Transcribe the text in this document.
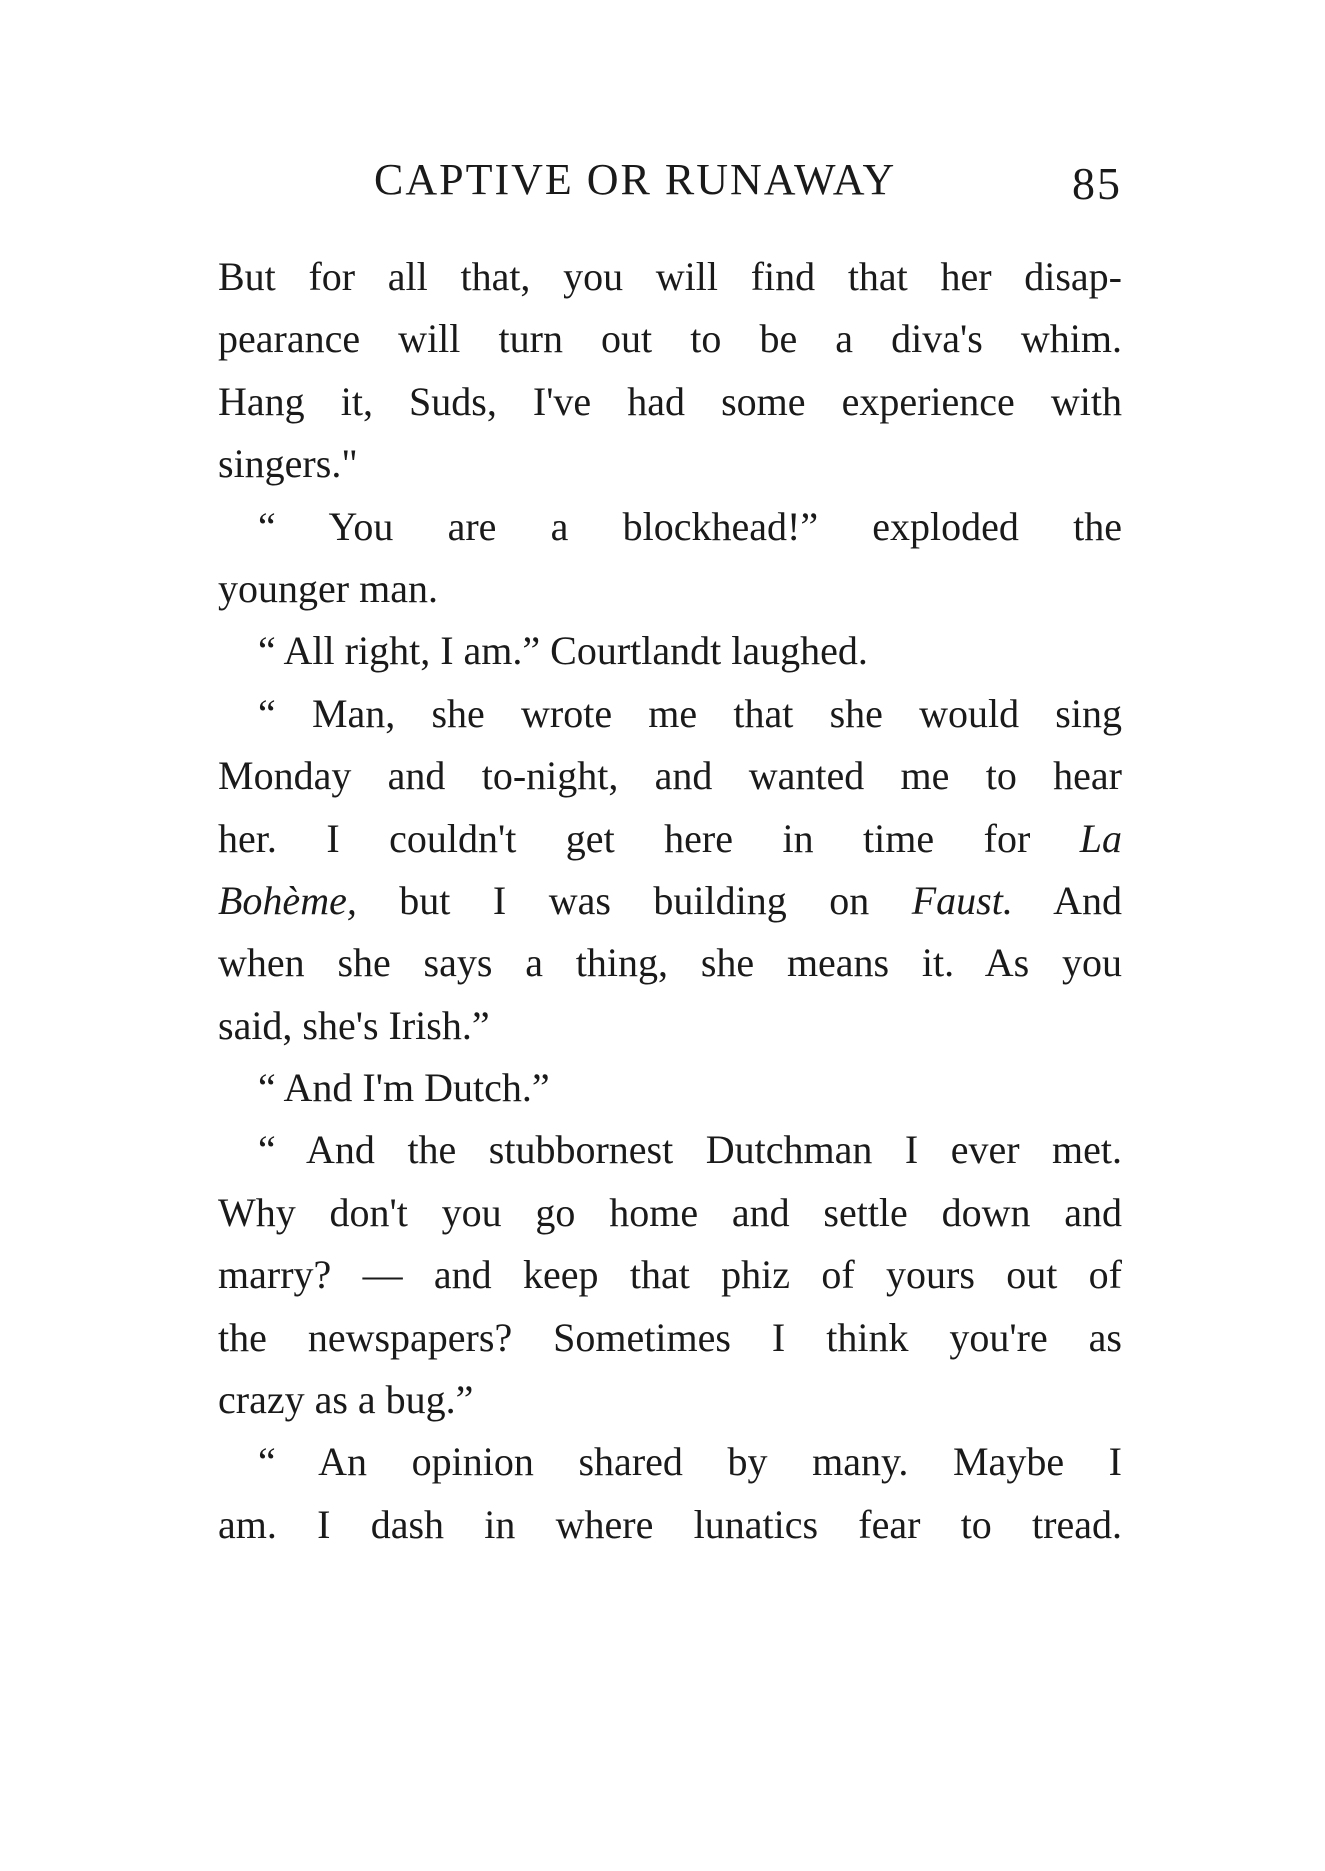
CAPTIVE OR RUNAWAY	85
But for all that, you will find that her disap-
pearance will turn out to be a diva's whim.
Hang it, Suds, I've had some experience with
singers."
“ You are a blockhead!” exploded the
younger man.
“ All right, I am.” Courtlandt laughed.
“ Man, she wrote me that she would sing
Monday and to-night, and wanted me to hear
her. I couldn't get here in time for La
Bohème, but I was building on Faust. And
when she says a thing, she means it. As you
said, she's Irish.”
“ And I'm Dutch.”
“ And the stubbornest Dutchman I ever met.
Why don't you go home and settle down and
marry? — and keep that phiz of yours out of
the newspapers? Sometimes I think you're as
crazy as a bug.”
“ An opinion shared by many. Maybe I
am. I dash in where lunatics fear to tread.
